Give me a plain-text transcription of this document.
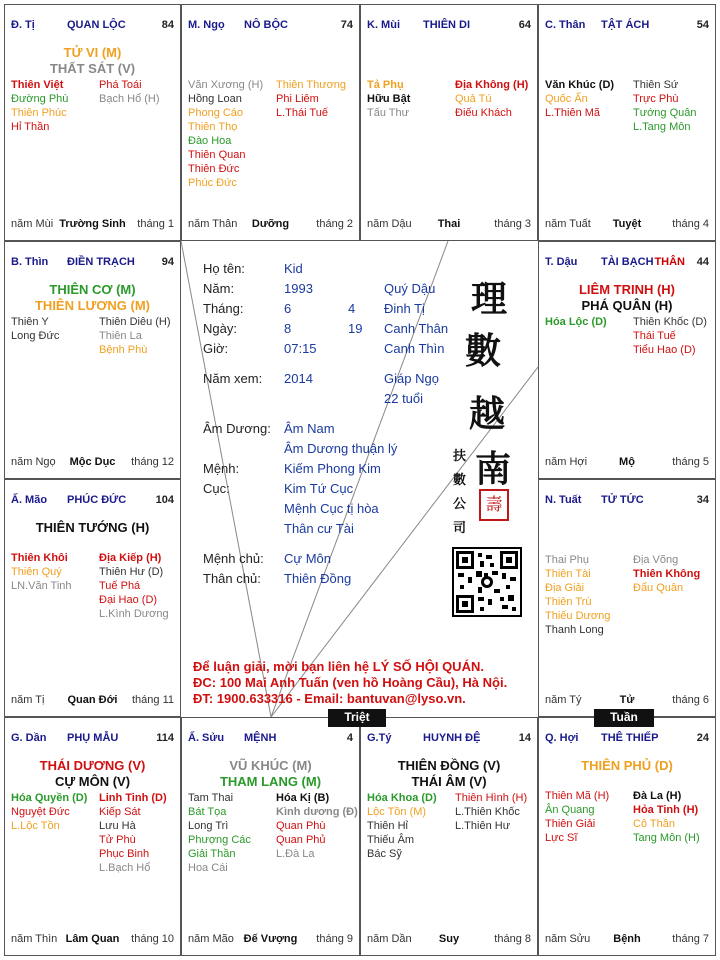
Đ. Tị	QUAN LỘC	84
TỬ VI (M)
THẤT SÁT (V)
Thiên Việt
Đường Phù
Thiên Phúc
Hỉ Thần
Phá Toái
Bạch Hổ (H)
năm Mùi Trường Sinh	tháng 1
M. Ngọ NÔ BỘC	74
Văn Xương (H)
Hồng Loan
Phong Cáo
Thiên Thọ
Đào Hoa
Thiên Quan
Thiên Đức
Phúc Đức
Thiên Thương
Phi Liêm
L.Thái Tuế
năm Thân	Dưỡng	tháng 2
K. Mùi THIÊN DI	64
Tả Phụ
Hữu Bật
Tấu Thư
Địa Không (H)
Quả Tú
Điếu Khách
năm Dậu	Thai	tháng 3
C. Thân TẬT ÁCH	54
Văn Khúc (D)
Quốc Ấn
L.Thiên Mã
Thiên Sứ
Trực Phù
Tướng Quân
L.Tang Môn
năm Tuất	Tuyệt	tháng 4
B. Thìn ĐIỀN TRẠCH 94
THIÊN CƠ (M)
THIÊN LƯƠNG (M)
Thiên Y
Long Đức
Thiên Diêu (H)
Thiên La
Bệnh Phù
năm Ngọ	Mộc Dục	tháng 12
T. Dậu TÀI BẠCH THÂN 44
LIÊM TRINH (H)
PHÁ QUÂN (H)
Hóa Lộc (D) Thiên Khốc (D)
Thái Tuế
Tiểu Hao (D)
năm Hợi	Mộ	tháng 5
Ấ. Mão PHÚC ĐỨC	104
THIÊN TƯỚNG (H)
Thiên Khôi
Thiên Quý
LN.Văn Tinh
Địa Kiếp (H)
Thiên Hư (D)
Tuế Phá
Đại Hao (D)
L.Kình Dương
năm Tị	Quan Đới	tháng 11
N. Tuất TỬ TỨC	34
Thai Phụ
Thiên Tài
Địa Giải
Thiên Trù
Thiếu Dương
Thanh Long
Địa Võng
Thiên Không
Đẩu Quân
năm Tý	Tử	tháng 6
G. Dần PHỤ MẪU	114
THÁI DƯƠNG (V)
CỰ MÔN (V)
Hóa Quyền (D)
Nguyệt Đức
L.Lộc Tồn
Linh Tinh (D)
Kiếp Sát
Lưu Hà
Tử Phù
Phục Binh
L.Bạch Hổ
năm Thìn Lâm Quan	tháng 10
Ấ. Sửu MỆNH	4
VŨ KHÚC (M)
THAM LANG (M)
Tam Thai
Bát Tọa
Long Trì
Phượng Các
Giải Thần
Hoa Cái
Hóa Kị (B)
Kình dương (Đ)
Quan Phù
Quan Phủ
L.Đà La
năm Mão Đế Vượng	tháng 9
G.Tý	HUYNH ĐỆ	14
THIÊN ĐỒNG (V)
THÁI ÂM (V)
Hóa Khoa (D)
Lộc Tồn (M)
Thiên Hỉ
Thiếu Âm
Bác Sỹ
Thiên Hình (H)
L.Thiên Khốc
L.Thiên Hư
năm Dần	Suy	tháng 8
Q. Hợi THÊ THIẾP	24
THIÊN PHỦ (D)
Thiên Mã (H)
Ân Quang
Thiên Giải
Lực Sĩ
Đà La (H)
Hỏa Tinh (H)
Cô Thần
Tang Môn (H)
năm Sửu	Bệnh	tháng 7
Họ tên:	Kid
Năm:	1993	Quý Dậu
Tháng:	6	4 Đinh Tị
Ngày:	8	19 Canh Thân
Giờ:	07:15	Canh Thìn
Năm xem: 2014	Giáp Ngọ
22 tuổi
Âm Dương: Âm Nam
Âm Dương thuận lý
Mệnh:	Kiếm Phong Kim
Cục:	Kim Tứ Cục
Mệnh Cục tị hòa
Thân cư Tài
Mệnh chủ: Cự Môn
Thân chủ: Thiên Đồng
理
數
越
南
扶
數
公
司
壽
Để luận giải, mời bạn liên hệ LÝ SỐ HỘI QUÁN.
ĐC: 100 Mai Anh Tuấn (ven hồ Hoàng Cầu), Hà Nội.
ĐT: 1900.633316 - Email: bantuvan@lyso.vn.
Triệt	Tuần
